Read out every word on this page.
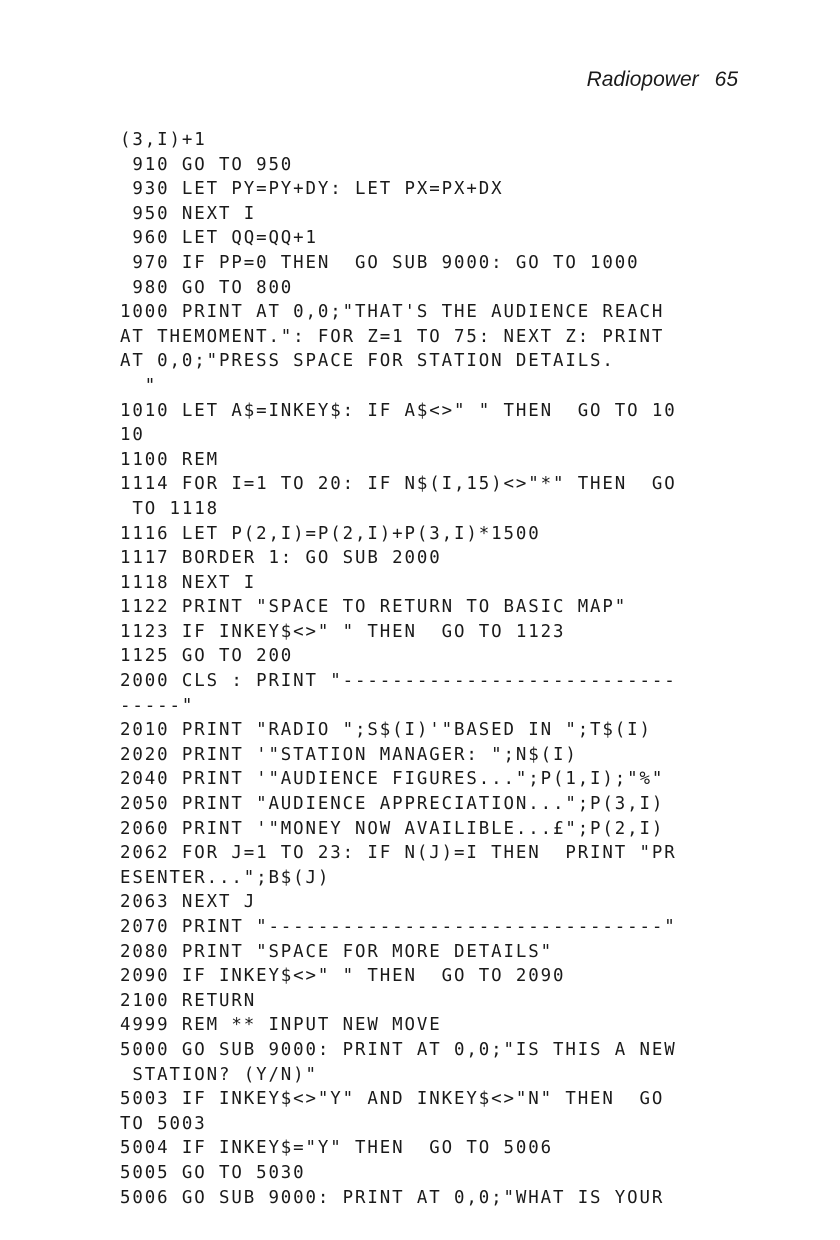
Radiopower 65
(3,I)+1
910 GO TO 950
930 LET PY=PY+DY: LET PX=PX+DX
950 NEXT I
960 LET QQ=QQ+1
970 IF PP=0 THEN  GO SUB 9000: GO TO 1000
980 GO TO 800
1000 PRINT AT 0,0;"THAT'S THE AUDIENCE REACH
AT THEMOMENT.": FOR Z=1 TO 75: NEXT Z: PRINT
AT 0,0;"PRESS SPACE FOR STATION DETAILS.
"
1010 LET A$=INKEY$: IF A$<>" " THEN  GO TO 10
10
1100 REM
1114 FOR I=1 TO 20: IF N$(I,15)<>"*" THEN  GO
TO 1118
1116 LET P(2,I)=P(2,I)+P(3,I)*1500
1117 BORDER 1: GO SUB 2000
1118 NEXT I
1122 PRINT "SPACE TO RETURN TO BASIC MAP"
1123 IF INKEY$<>" " THEN  GO TO 1123
1125 GO TO 200
2000 CLS : PRINT "---------------------------
-----"
2010 PRINT "RADIO ";S$(I)'"BASED IN ";T$(I)
2020 PRINT '"STATION MANAGER: ";N$(I)
2040 PRINT '"AUDIENCE FIGURES...";P(1,I);"%"
2050 PRINT "AUDIENCE APPRECIATION...";P(3,I)
2060 PRINT '"MONEY NOW AVAILIBLE...£";P(2,I)
2062 FOR J=1 TO 23: IF N(J)=I THEN  PRINT "PR
ESENTER...";B$(J)
2063 NEXT J
2070 PRINT "--------------------------------"
2080 PRINT "SPACE FOR MORE DETAILS"
2090 IF INKEY$<>" " THEN  GO TO 2090
2100 RETURN
4999 REM ** INPUT NEW MOVE
5000 GO SUB 9000: PRINT AT 0,0;"IS THIS A NEW
STATION? (Y/N)"
5003 IF INKEY$<>"Y" AND INKEY$<>"N" THEN  GO
TO 5003
5004 IF INKEY$="Y" THEN  GO TO 5006
5005 GO TO 5030
5006 GO SUB 9000: PRINT AT 0,0;"WHAT IS YOUR
